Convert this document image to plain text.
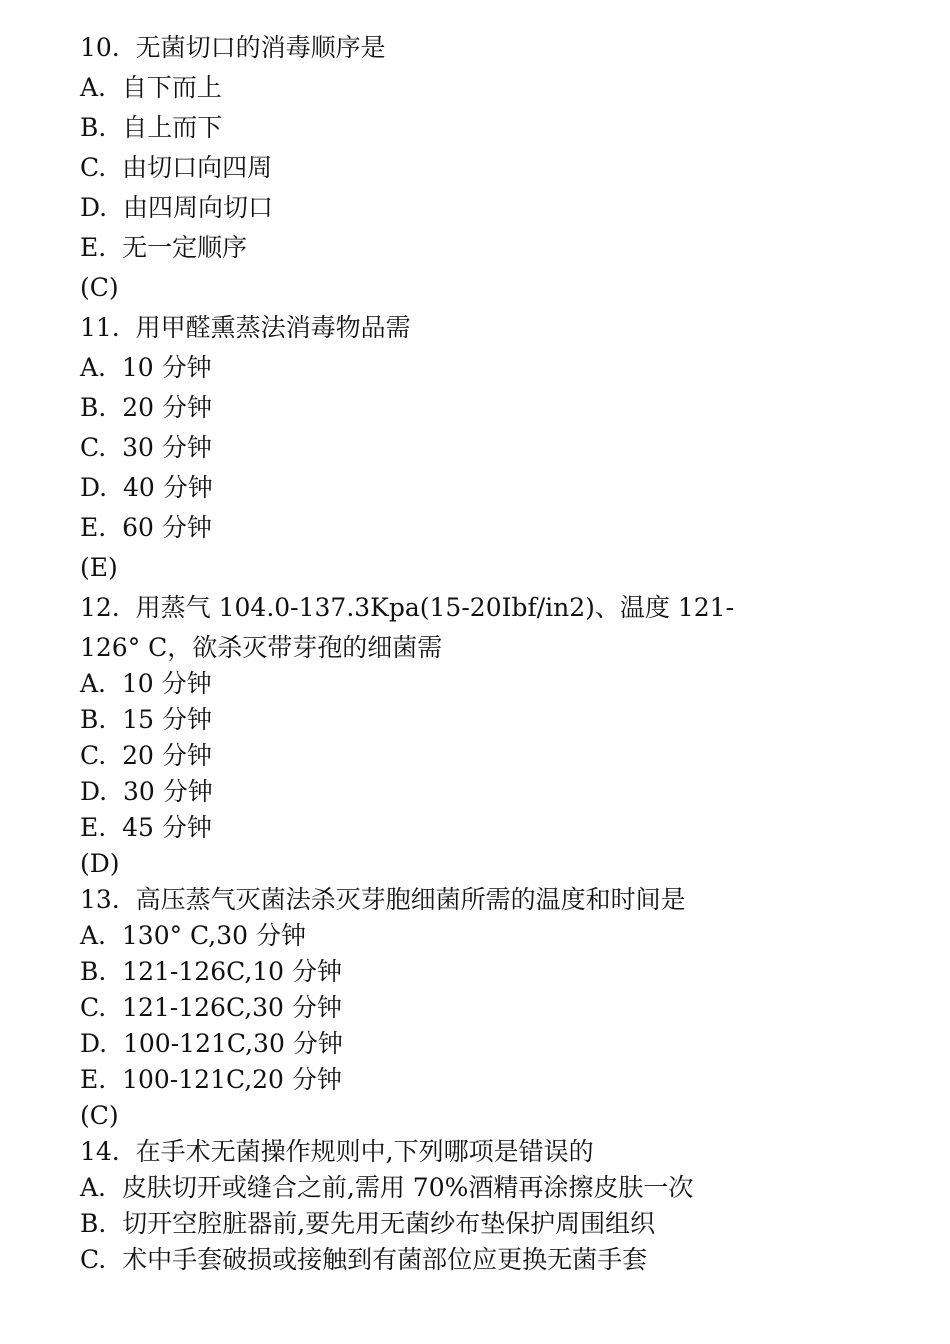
10.  无菌切口的消毒顺序是
A.  自下而上
B.  自上而下
C.  由切口向四周
D.  由四周向切口
E.  无一定顺序
(C)
11.  用甲醛熏蒸法消毒物品需
A.  10 分钟
B.  20 分钟
C.  30 分钟
D.  40 分钟
E.  60 分钟
(E)
12.  用蒸气 104.0-137.3Kpa(15-20Ibf/in2)、温度 121-
126° C，欲杀灭带芽孢的细菌需
A.  10 分钟
B.  15 分钟
C.  20 分钟
D.  30 分钟
E.  45 分钟
(D)
13.  高压蒸气灭菌法杀灭芽胞细菌所需的温度和时间是
A.  130° C,30 分钟
B.  121-126C,10 分钟
C.  121-126C,30 分钟
D.  100-121C,30 分钟
E.  100-121C,20 分钟
(C)
14.  在手术无菌操作规则中,下列哪项是错误的
A.  皮肤切开或缝合之前,需用 70%酒精再涂擦皮肤一次
B.  切开空腔脏器前,要先用无菌纱布垫保护周围组织
C.  术中手套破损或接触到有菌部位应更换无菌手套
